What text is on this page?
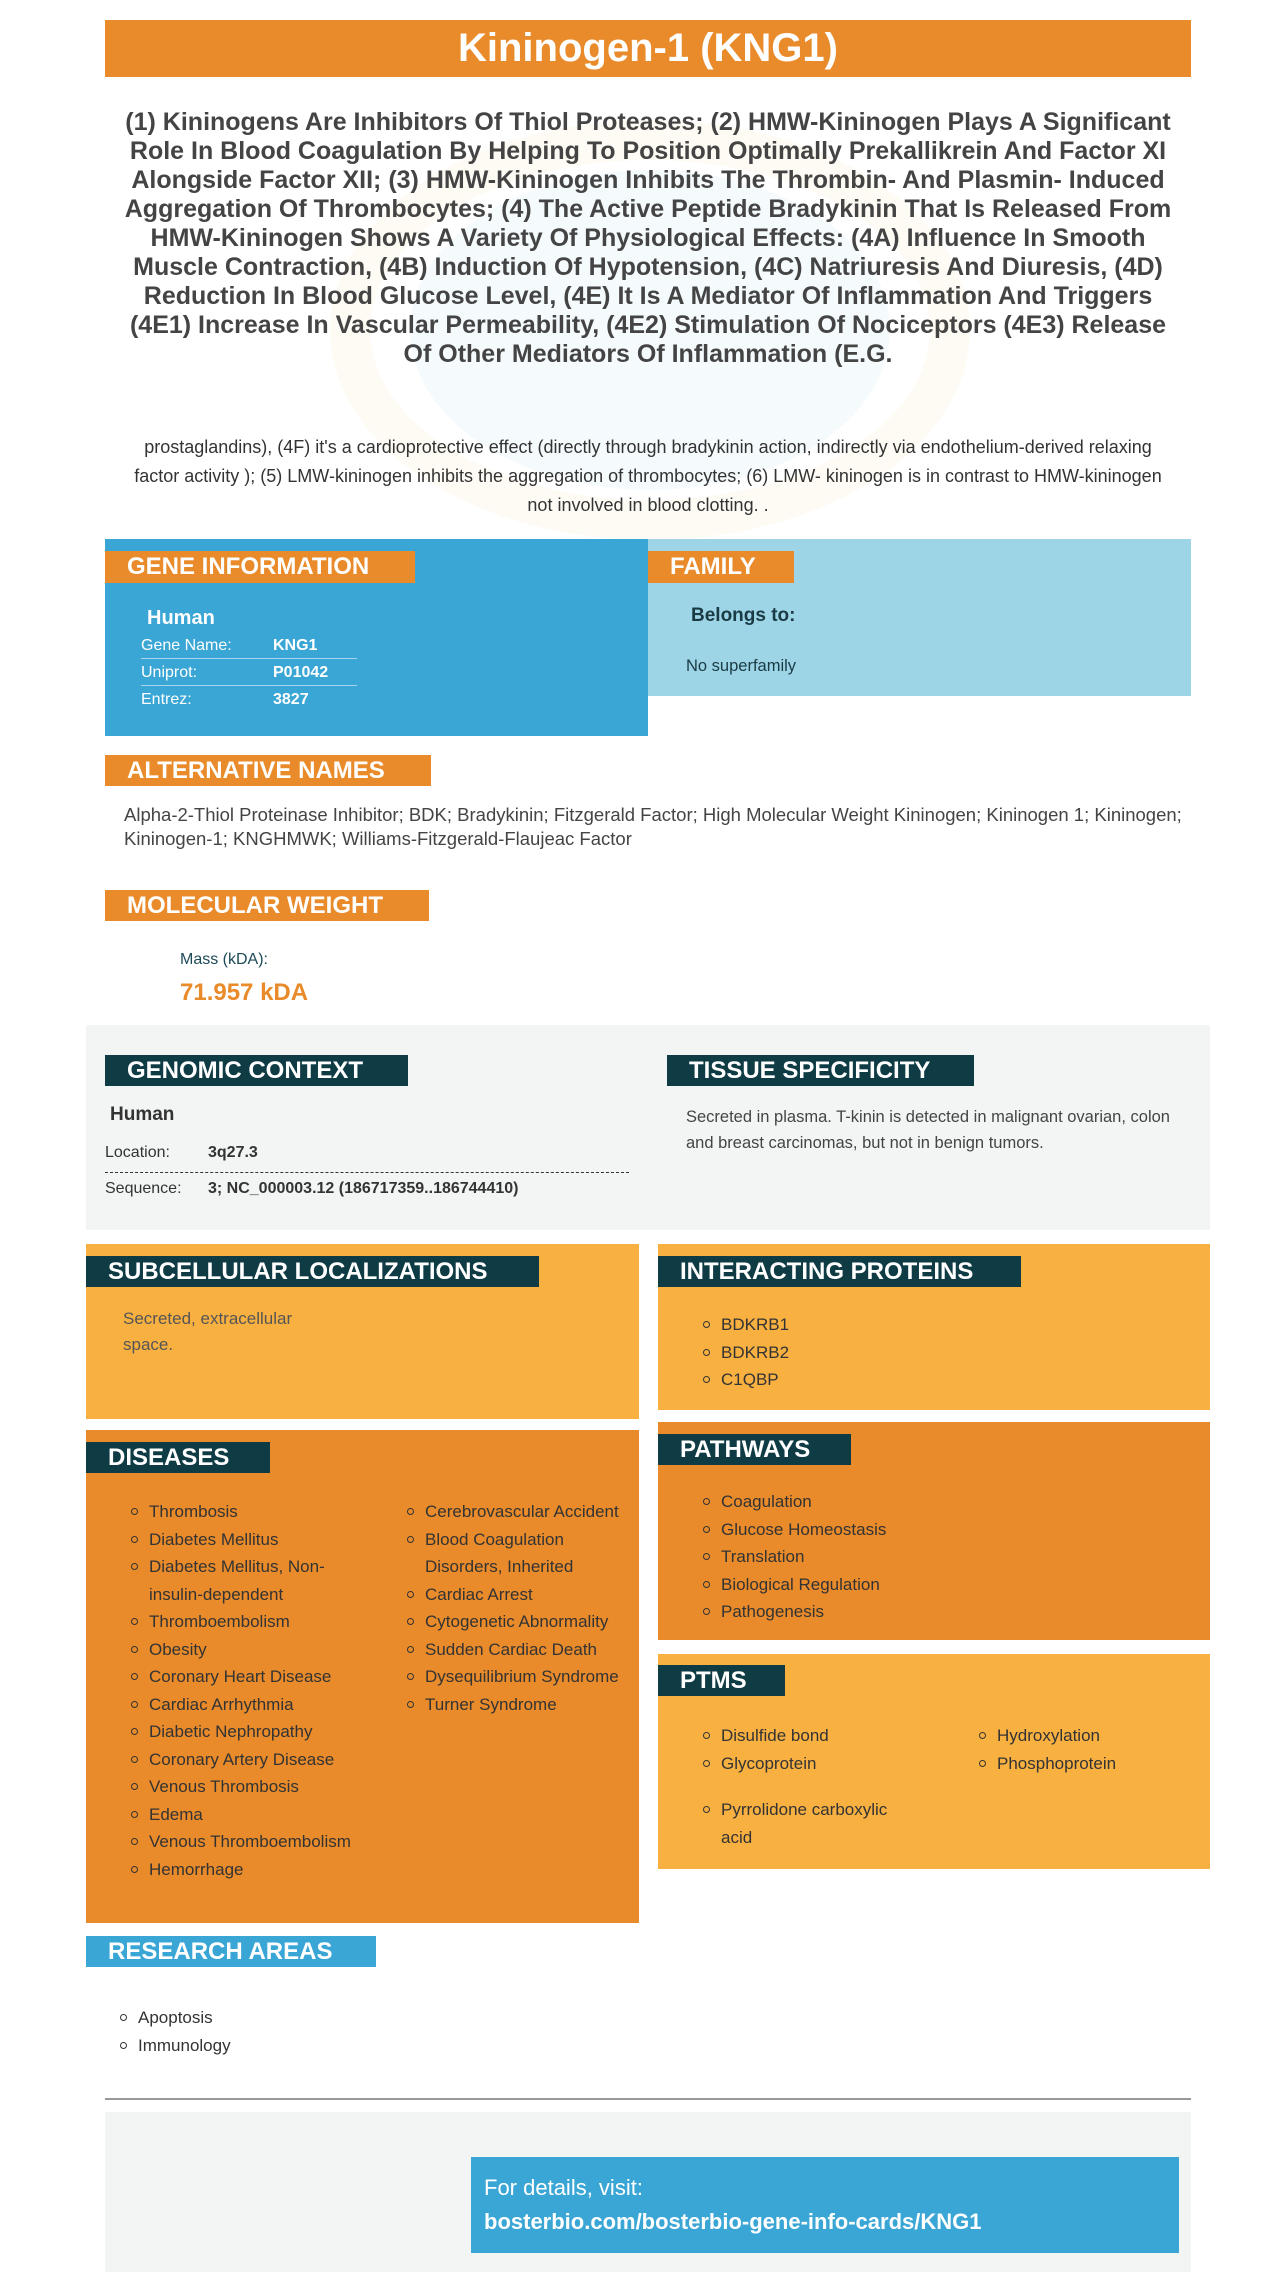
Kininogen-1 (KNG1)
(1) Kininogens Are Inhibitors Of Thiol Proteases; (2) HMW-Kininogen Plays A Significant Role In Blood Coagulation By Helping To Position Optimally Prekallikrein And Factor XI Alongside Factor XII; (3) HMW-Kininogen Inhibits The Thrombin- And Plasmin- Induced Aggregation Of Thrombocytes; (4) The Active Peptide Bradykinin That Is Released From HMW-Kininogen Shows A Variety Of Physiological Effects: (4A) Influence In Smooth Muscle Contraction, (4B) Induction Of Hypotension, (4C) Natriuresis And Diuresis, (4D) Reduction In Blood Glucose Level, (4E) It Is A Mediator Of Inflammation And Triggers (4E1) Increase In Vascular Permeability, (4E2) Stimulation Of Nociceptors (4E3) Release Of Other Mediators Of Inflammation (E.G.
prostaglandins), (4F) it's a cardioprotective effect (directly through bradykinin action, indirectly via endothelium-derived relaxing factor activity ); (5) LMW-kininogen inhibits the aggregation of thrombocytes; (6) LMW- kininogen is in contrast to HMW-kininogen not involved in blood clotting. .
Human
Gene Name:	KNG1
Uniprot:	P01042
Entrez:	3827
GENE INFORMATION
Belongs to:
No superfamily
FAMILY
ALTERNATIVE NAMES
Alpha-2-Thiol Proteinase Inhibitor; BDK; Bradykinin; Fitzgerald Factor; High Molecular Weight Kininogen; Kininogen 1; Kininogen; Kininogen-1; KNGHMWK; Williams-Fitzgerald-Flaujeac Factor
MOLECULAR WEIGHT
Mass (kDA):
71.957 kDA
GENOMIC CONTEXT
Human
Location: 3q27.3
Sequence: 3; NC_000003.12 (186717359..186744410)
TISSUE SPECIFICITY
Secreted in plasma. T-kinin is detected in malignant ovarian, colon and breast carcinomas, but not in benign tumors.
Secreted, extracellular
space.
SUBCELLULAR LOCALIZATIONS
BDKRB1
BDKRB2
C1QBP
INTERACTING PROTEINS
Thrombosis
Diabetes Mellitus
Diabetes Mellitus, Non-insulin-dependent
Thromboembolism
Obesity
Coronary Heart Disease
Cardiac Arrhythmia
Diabetic Nephropathy
Coronary Artery Disease
Venous Thrombosis
Edema
Venous Thromboembolism
Hemorrhage
Cerebrovascular Accident
Blood Coagulation Disorders, Inherited
Cardiac Arrest
Cytogenetic Abnormality
Sudden Cardiac Death
Dysequilibrium Syndrome
Turner Syndrome
DISEASES
Coagulation
Glucose Homeostasis
Translation
Biological Regulation
Pathogenesis
PATHWAYS
Disulfide bond
Glycoprotein
Hydroxylation
Phosphoprotein
Pyrrolidone carboxylic acid
PTMS
RESEARCH AREAS
Apoptosis
Immunology
For details, visit:
bosterbio.com/bosterbio-gene-info-cards/KNG1
